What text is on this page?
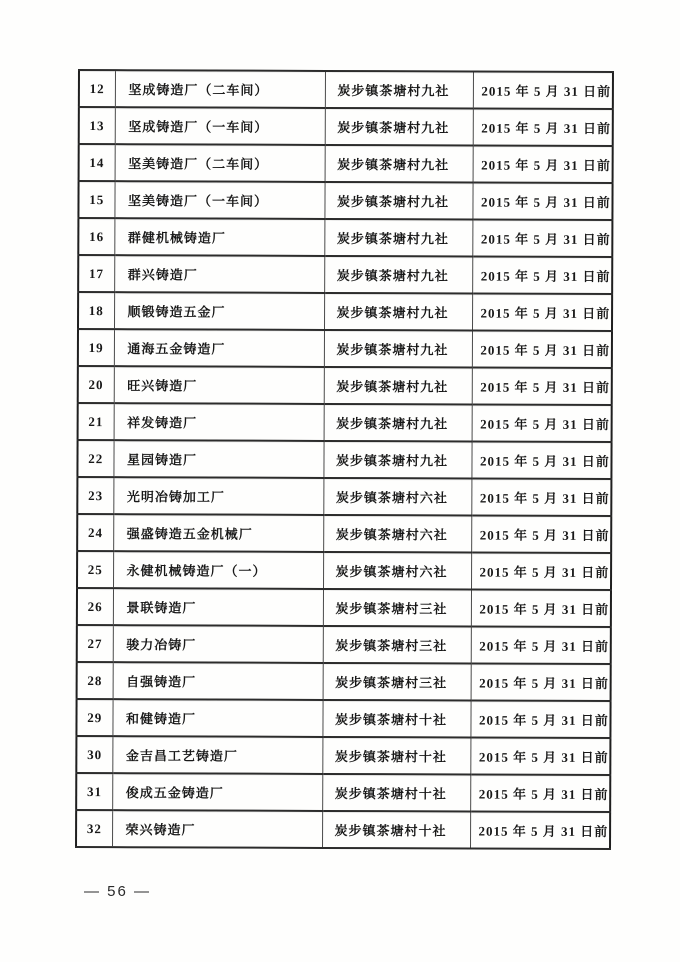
12	坚成铸造厂（二车间）	炭步镇茶塘村九社	2015 年 5 月 31 日前
13	坚成铸造厂（一车间）	炭步镇茶塘村九社	2015 年 5 月 31 日前
14	坚美铸造厂（二车间）	炭步镇茶塘村九社	2015 年 5 月 31 日前
15	坚美铸造厂（一车间）	炭步镇茶塘村九社	2015 年 5 月 31 日前
16	群健机械铸造厂	炭步镇茶塘村九社	2015 年 5 月 31 日前
17	群兴铸造厂	炭步镇茶塘村九社	2015 年 5 月 31 日前
18	顺锻铸造五金厂	炭步镇茶塘村九社	2015 年 5 月 31 日前
19	通海五金铸造厂	炭步镇茶塘村九社	2015 年 5 月 31 日前
20	旺兴铸造厂	炭步镇茶塘村九社	2015 年 5 月 31 日前
21	祥发铸造厂	炭步镇茶塘村九社	2015 年 5 月 31 日前
22	星园铸造厂	炭步镇茶塘村九社	2015 年 5 月 31 日前
23	光明冶铸加工厂	炭步镇茶塘村六社	2015 年 5 月 31 日前
24	强盛铸造五金机械厂	炭步镇茶塘村六社	2015 年 5 月 31 日前
25	永健机械铸造厂（一）	炭步镇茶塘村六社	2015 年 5 月 31 日前
26	景联铸造厂	炭步镇茶塘村三社	2015 年 5 月 31 日前
27	骏力冶铸厂	炭步镇茶塘村三社	2015 年 5 月 31 日前
28	自强铸造厂	炭步镇茶塘村三社	2015 年 5 月 31 日前
29	和健铸造厂	炭步镇茶塘村十社	2015 年 5 月 31 日前
30	金吉昌工艺铸造厂	炭步镇茶塘村十社	2015 年 5 月 31 日前
31	俊成五金铸造厂	炭步镇茶塘村十社	2015 年 5 月 31 日前
32	荣兴铸造厂	炭步镇茶塘村十社	2015 年 5 月 31 日前
— 56 —
